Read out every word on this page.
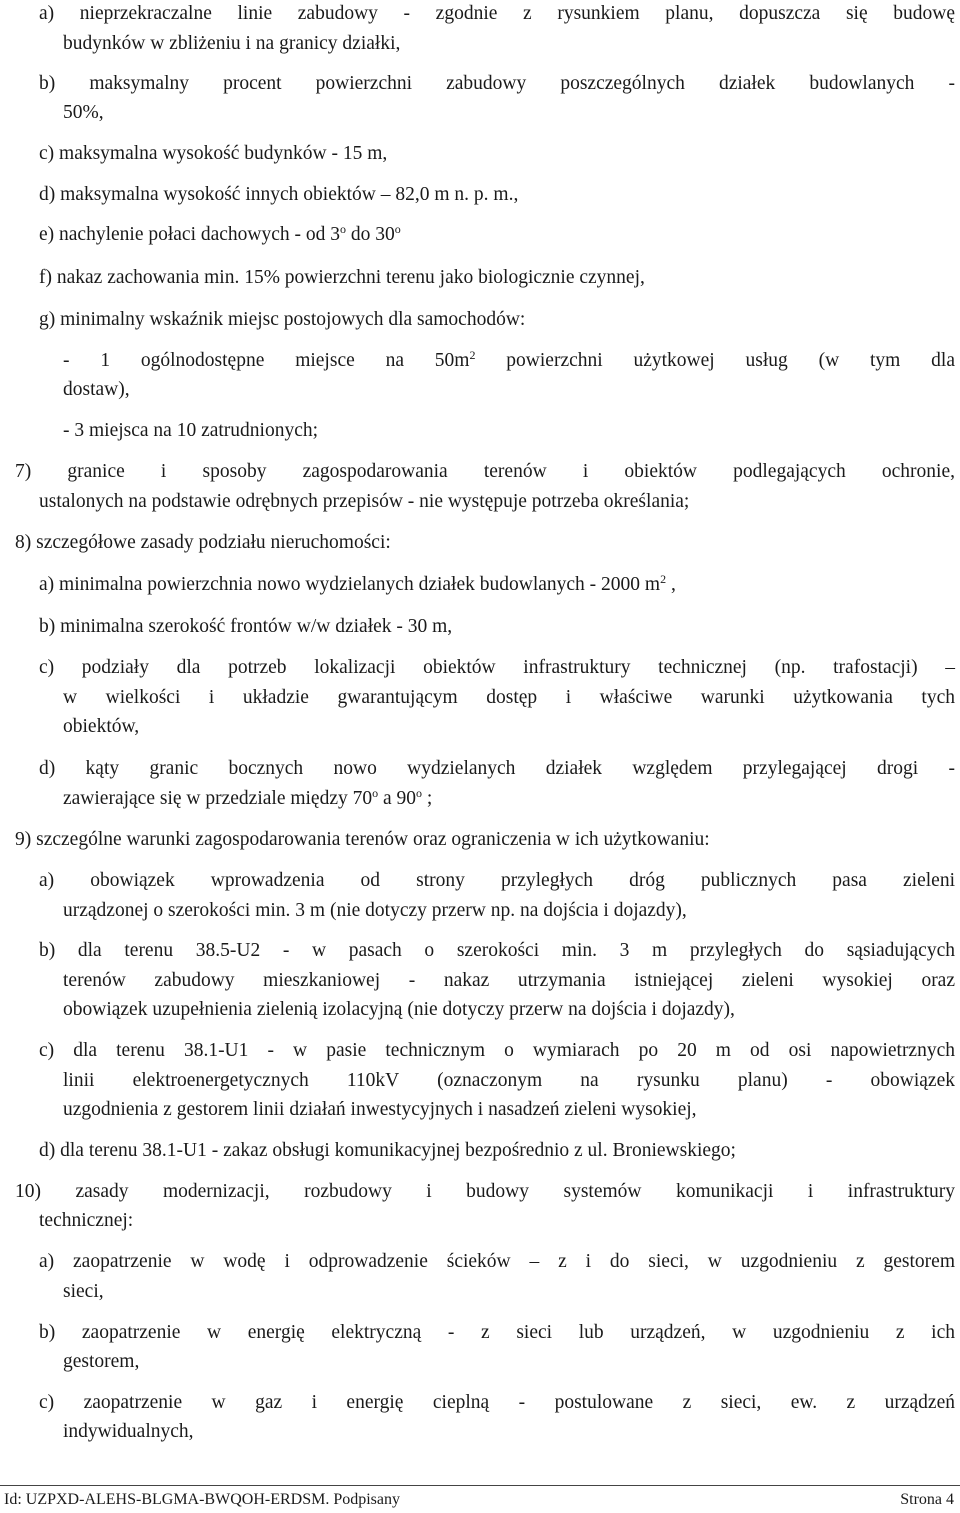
a) nieprzekraczalne linie zabudowy - zgodnie z rysunkiem planu, dopuszcza się budowę
budynków w zbliżeniu i na granicy działki,
b) maksymalny procent powierzchni zabudowy poszczególnych działek budowlanych -
50%,
c) maksymalna wysokość budynków - 15 m,
d) maksymalna wysokość innych obiektów – 82,0 m n. p. m.,
e) nachylenie połaci dachowych - od 3$^o$ do 30$^o$
f) nakaz zachowania min. 15% powierzchni terenu jako biologicznie czynnej,
g) minimalny wskaźnik miejsc postojowych dla samochodów:
- 1 ogólnodostępne miejsce na $50m^2$ powierzchni użytkowej usług (w tym dla
dostaw),
- 3 miejsca na 10 zatrudnionych;
7) granice i sposoby zagospodarowania terenów i obiektów podlegających ochronie,
ustalonych na podstawie odrębnych przepisów - nie występuje potrzeba określania;
8) szczegółowe zasady podziału nieruchomości:
a) minimalna powierzchnia nowo wydzielanych działek budowlanych - 2000 $m^2$ ,
b) minimalna szerokość frontów w/w działek - 30 m,
c) podziały dla potrzeb lokalizacji obiektów infrastruktury technicznej (np. trafostacji) –
w wielkości i układzie gwarantującym dostęp i właściwe warunki użytkowania tych
obiektów,
d) kąty granic bocznych nowo wydzielanych działek względem przylegającej drogi -
zawierające się w przedziale między 70$^o$ a 90$^o$ ;
9) szczególne warunki zagospodarowania terenów oraz ograniczenia w ich użytkowaniu:
a) obowiązek wprowadzenia od strony przyległych dróg publicznych pasa zieleni
urządzonej o szerokości min. 3 m (nie dotyczy przerw np. na dojścia i dojazdy),
b) dla terenu 38.5-U2 - w pasach o szerokości min. 3 m przyległych do sąsiadujących
terenów zabudowy mieszkaniowej - nakaz utrzymania istniejącej zieleni wysokiej oraz
obowiązek uzupełnienia zielenią izolacyjną (nie dotyczy przerw na dojścia i dojazdy),
c) dla terenu 38.1-U1 - w pasie technicznym o wymiarach po 20 m od osi napowietrznych
linii elektroenergetycznych 110kV (oznaczonym na rysunku planu) - obowiązek
uzgodnienia z gestorem linii działań inwestycyjnych i nasadzeń zieleni wysokiej,
d) dla terenu 38.1-U1 - zakaz obsługi komunikacyjnej bezpośrednio z ul. Broniewskiego;
10) zasady modernizacji, rozbudowy i budowy systemów komunikacji i infrastruktury
technicznej:
a) zaopatrzenie w wodę i odprowadzenie ścieków – z i do sieci, w uzgodnieniu z gestorem
sieci,
b) zaopatrzenie w energię elektryczną - z sieci lub urządzeń, w uzgodnieniu z ich
gestorem,
c) zaopatrzenie w gaz i energię cieplną - postulowane z sieci, ew. z urządzeń
indywidualnych,
Id: UZPXD-ALEHS-BLGMA-BWQOH-ERDSM. Podpisany	Strona 4
